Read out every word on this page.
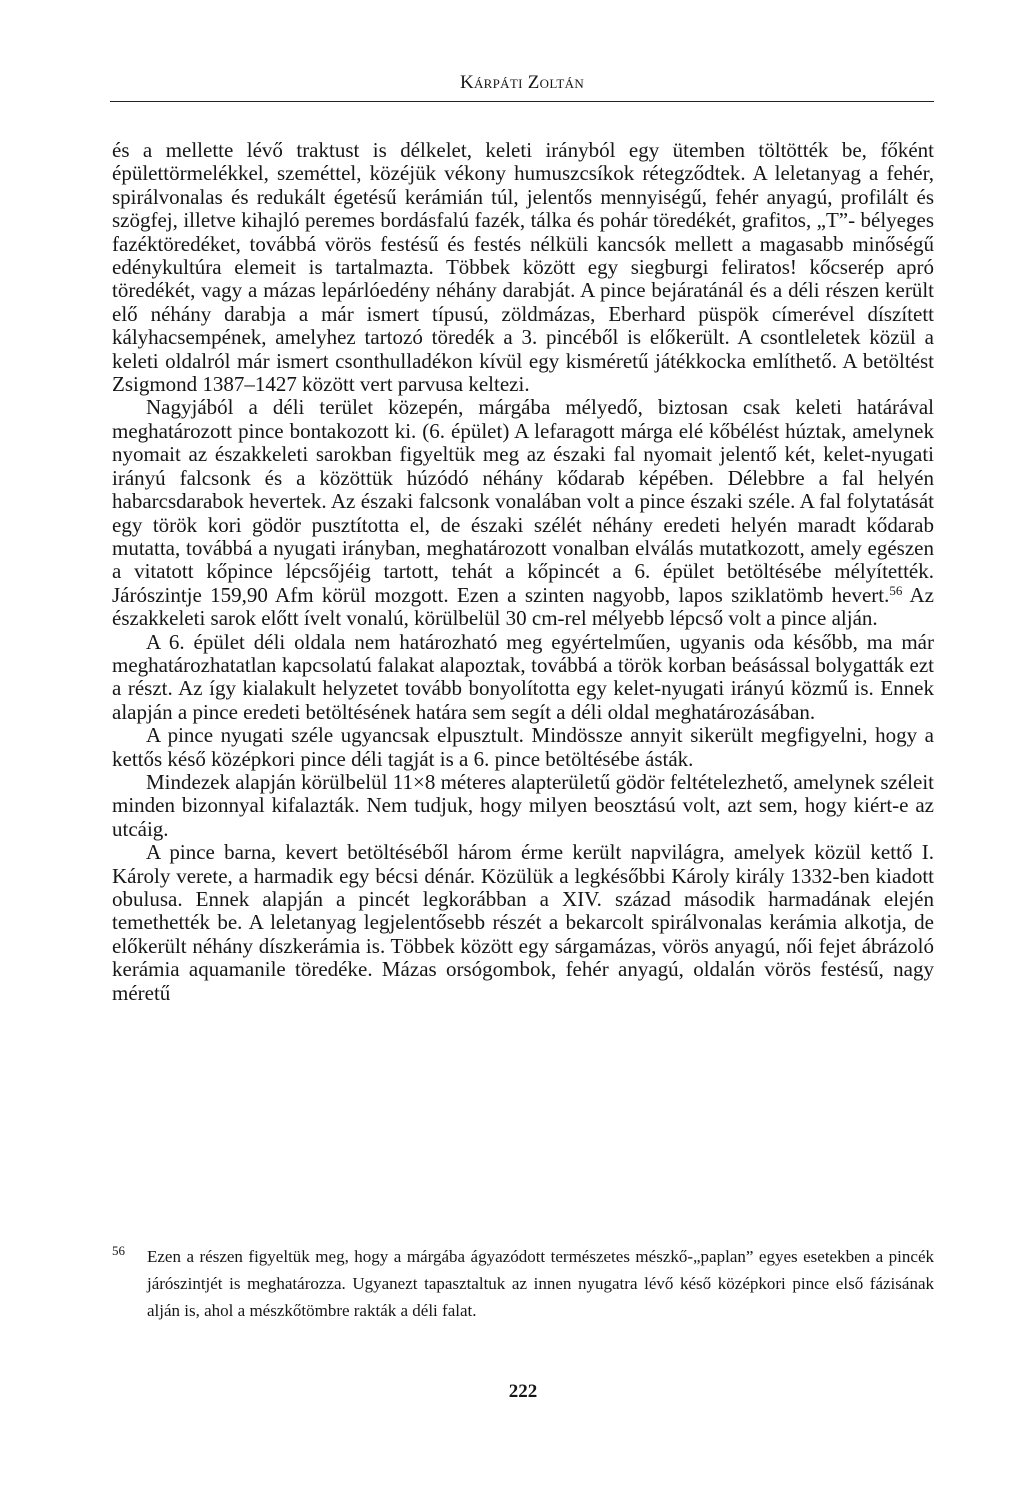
Kárpáti Zoltán

és a mellette lévő traktust is délkelet, keleti irányból egy ütemben töltötték be, főként épülettörmelékkel, szeméttel, közéjük vékony humuszcsíkok rétegződtek. A leletanyag a fehér, spirálvonalas és redukált égetésű kerámián túl, jelentős mennyiségű, fehér anyagú, profilált és szögfej, illetve kihajló peremes bordásfalú fazék, tálka és pohár töredékét, grafitos, „T”- bélyeges fazéktöredéket, továbbá vörös festésű és festés nélküli kancsók mellett a magasabb minőségű edénykultúra elemeit is tartalmazta. Többek között egy siegburgi feliratos! kőcserép apró töredékét, vagy a mázas lepárlóedény néhány darabját. A pince bejáratánál és a déli részen került elő néhány darabja a már ismert típusú, zöldmázas, Eberhard püspök címerével díszített kályhacsempének, amelyhez tartozó töredék a 3. pincéből is előkerült. A csontleletek közül a keleti oldalról már ismert csonthulladékon kívül egy kisméretű játékkocka említhető. A betöltést Zsigmond 1387–1427 között vert parvusa keltezi.

Nagyjából a déli terület közepén, márgába mélyedő, biztosan csak keleti határával meghatározott pince bontakozott ki. (6. épület) A lefaragott márga elé kőbélést húztak, amelynek nyomait az északkeleti sarokban figyeltük meg az északi fal nyomait jelentő két, kelet-nyugati irányú falcsonk és a közöttük húzódó néhány kődarab képében. Délebbre a fal helyén habarcsdarabok hevertek. Az északi falcsonk vonalában volt a pince északi széle. A fal folytatását egy török kori gödör pusztította el, de északi szélét néhány eredeti helyén maradt kődarab mutatta, továbbá a nyugati irányban, meghatározott vonalban elválás mutatkozott, amely egészen a vitatott kőpince lépcsőjéig tartott, tehát a kőpincét a 6. épület betöltésébe mélyítették. Járószintje 159,90 Afm körül mozgott. Ezen a szinten nagyobb, lapos sziklatömb hevert.$^{56}$ Az északkeleti sarok előtt ívelt vonalú, körülbelül 30 cm-rel mélyebb lépcső volt a pince alján.

A 6. épület déli oldala nem határozható meg egyértelműen, ugyanis oda később, ma már meghatározhatatlan kapcsolatú falakat alapoztak, továbbá a török korban beásással bolygatták ezt a részt. Az így kialakult helyzetet tovább bonyolította egy kelet-nyugati irányú közmű is. Ennek alapján a pince eredeti betöltésének határa sem segít a déli oldal meghatározásában.

A pince nyugati széle ugyancsak elpusztult. Mindössze annyit sikerült megfigyelni, hogy a kettős késő középkori pince déli tagját is a 6. pince betöltésébe ásták.

Mindezek alapján körülbelül 11×8 méteres alapterületű gödör feltételezhető, amelynek széleit minden bizonnyal kifalazták. Nem tudjuk, hogy milyen beosztású volt, azt sem, hogy kiért-e az utcáig.

A pince barna, kevert betöltéséből három érme került napvilágra, amelyek közül kettő I. Károly verete, a harmadik egy bécsi dénár. Közülük a legkésőbbi Károly király 1332-ben kiadott obulusa. Ennek alapján a pincét legkorábban a XIV. század második harmadának elején temethették be. A leletanyag legjelentősebb részét a bekarcolt spirálvonalas kerámia alkotja, de előkerült néhány díszkerámia is. Többek között egy sárgamázas, vörös anyagú, női fejet ábrázoló kerámia aquamanile töredéke. Mázas orsógombok, fehér anyagú, oldalán vörös festésű, nagy méretű

56	Ezen a részen figyeltük meg, hogy a márgába ágyazódott természetes mészkő-„paplan” egyes esetekben a pincék járószintjét is meghatározza. Ugyanezt tapasztaltuk az innen nyugatra lévő késő középkori pince első fázisának alján is, ahol a mészkőtömbre rakták a déli falat.
222
